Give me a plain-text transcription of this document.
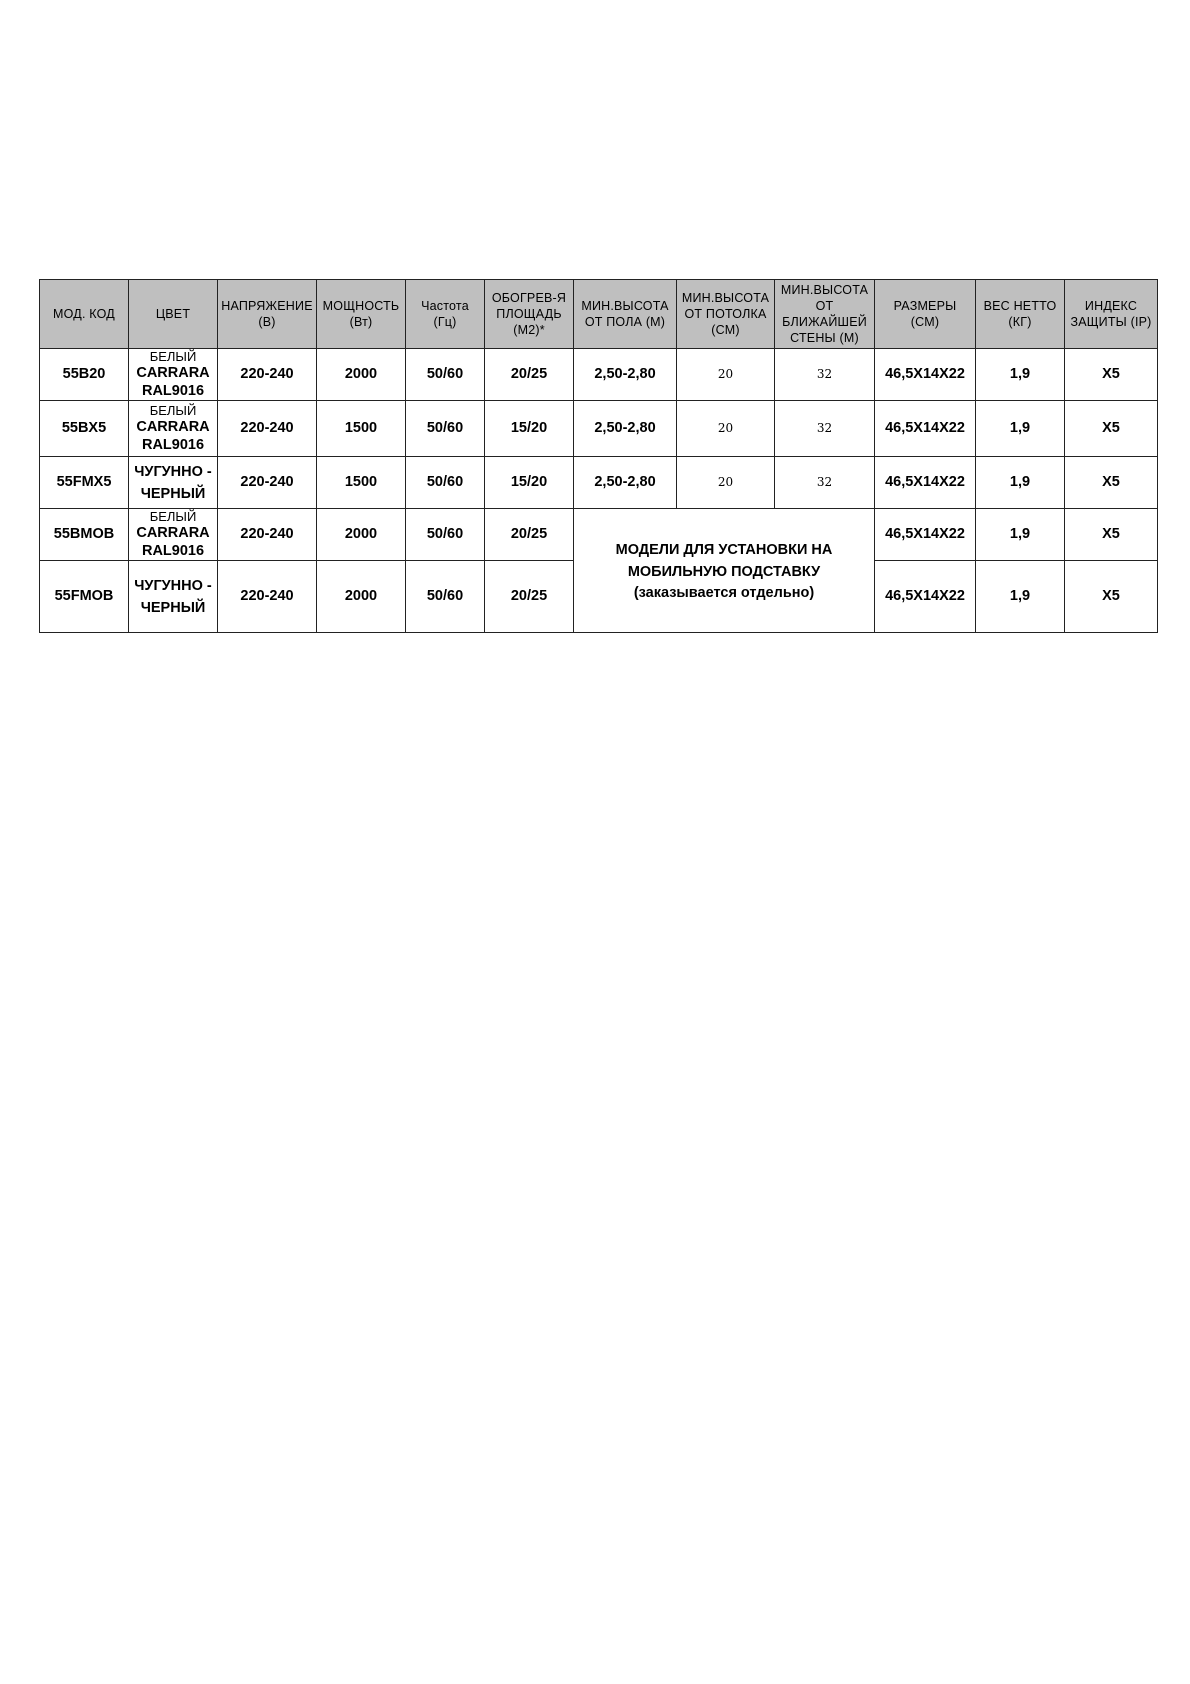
МОД. КОД	ЦВЕТ	НАПРЯЖЕНИЕ
(В)	МОЩНОСТЬ
(Вт)	Частота
(Гц)	ОБОГРЕВ-Я
ПЛОЩАДЬ
(М2)*	МИН.ВЫСОТА
ОТ ПОЛА (М)	МИН.ВЫСОТА
ОТ ПОТОЛКА
(СМ)	МИН.ВЫСОТА
ОТ
БЛИЖАЙШЕЙ
СТЕНЫ (М)	РАЗМЕРЫ
(СМ)	ВЕС НЕТТО
(КГ)	ИНДЕКС
ЗАЩИТЫ (IP)

55B20	БЕЛЫЙ
CARRARA
RAL9016	220-240	2000	50/60	20/25	2,50-2,80	20	32	46,5X14X22	1,9	X5
55BX5	БЕЛЫЙ
CARRARA
RAL9016	220-240	1500	50/60	15/20	2,50-2,80	20	32	46,5X14X22	1,9	X5
55FMX5	ЧУГУННО -
ЧЕРНЫЙ	220-240	1500	50/60	15/20	2,50-2,80	20	32	46,5X14X22	1,9	X5
55BMOB	БЕЛЫЙ
CARRARA
RAL9016	220-240	2000	50/60	20/25	МОДЕЛИ ДЛЯ УСТАНОВКИ НА
МОБИЛЬНУЮ ПОДСТАВКУ
(заказывается отдельно)			46,5X14X22	1,9	X5
55FMOB	ЧУГУННО -
ЧЕРНЫЙ	220-240	2000	50/60	20/25				46,5X14X22	1,9	X5
